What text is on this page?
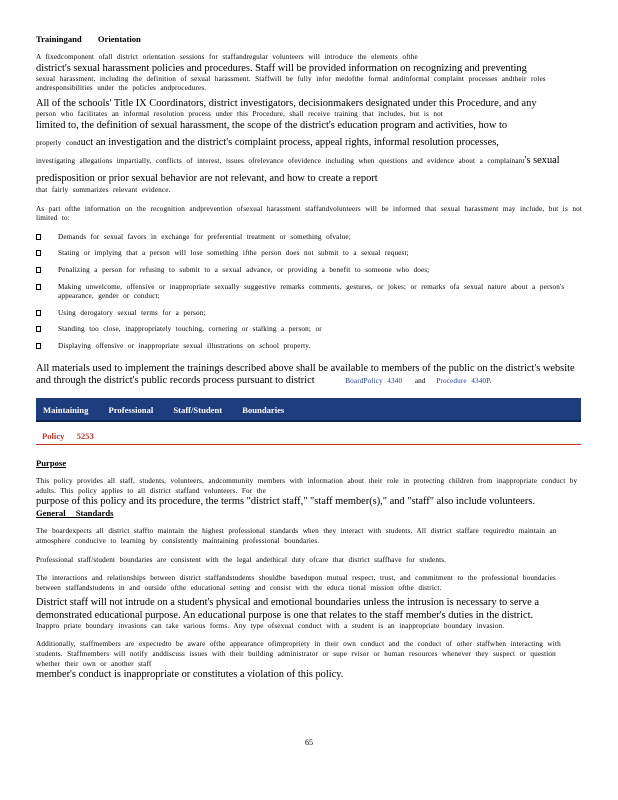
Trainingand Orientation
A fixedcomponent ofall district orientation sessions for staffandregular volunteers will introduce the elements ofthe
district's sexual harassment policies and procedures. Staff will be provided information on recognizing and preventing
sexual harassment, including the definition of sexual harassment. Staffwill be fully infor medofthe formal andinformal complaint processes andtheir roles andresponsibilities under the policies andprocedures.
All of the schools' Title IX Coordinators, district investigators, decisionmakers designated under this Procedure, and any
person who facilitates an informal resolution process under this Procedure, shall receive training that includes, but is not
limited to, the definition of sexual harassment, the scope of the district's education program and activities, how to
properly conduct an investigation and the district's complaint process, appeal rights, informal resolution processes,
investigating allegations impartially, conflicts of interest, issues ofrelevance ofevidence including when questions and evidence about a complainant's sexual predisposition or prior sexual behavior are not relevant, and how to create a report
that fairly summarizes relevant evidence.
As part ofthe information on the recognition andprevention ofsexual harassment staffandvolunteers will be informed that sexual harassment may include, but is not limited to:
Demands for sexual favors in exchange for preferential treatment or something ofvalue;
Stating or implying that a person will lose something ifthe person does not submit to a sexual request;
Penalizing a person for refusing to submit to a sexual advance, or providing a benefit to someone who does;
Making unwelcome, offensive or inappropriate sexually suggestive remarks comments, gestures, or jokes; or remarks ofa sexual nature about a person's appearance, gender or conduct;
Using derogatory sexual terms for a person;
Standing too close, inappropriately touching, cornering or stalking a person; or
Displaying offensive or inappropriate sexual illustrations on school property.
All materials used to implement the trainings described above shall be available to members of the public on the district's website and through the district's public records process pursuant to district	BoardPolicy 4340 and Procedure 4340P.
Maintaining Professional Staff/Student Boundaries
Policy 5253
Purpose
This policy provides all staff, students, volunteers, andcommunity members with information about their role in protecting children from inappropriate conduct by adults. This policy applies to all district staffand volunteers. For the
purpose of this policy and its procedure, the terms "district staff," "staff member(s)," and "staff" also include volunteers.
General Standards
The boardexpects all district staffto maintain the highest professional standards when they interact with students. All district staffare requiredto maintain an atmosphere conducive to learning by consistently maintaining professional boundaries.
Professional staff/student boundaries are consistent with the legal andethical duty ofcare that district staffhave for students.
The interactions and relationships between district staffandstudents shouldbe basedupon mutual respect, trust, and commitment to the professional boundaries between staffandstudents in and outside ofthe educational setting and consist with the educa tional mission ofthe district.
District staff will not intrude on a student's physical and emotional boundaries unless the intrusion is necessary to serve a demonstrated educational purpose. An educational purpose is one that relates to the staff member's duties in the district.
Inappro priate boundary invasions can take various forms. Any type ofsexual conduct with a student is an inappropriate boundary invasion.
Additionally, staffmembers are expectedto be aware ofthe appearance ofimpropriety in their own conduct and the conduct of other staffwhen interacting with students. Staffmembers will notify anddiscuss issues with their building administrator or supe rvisor or human resources whenever they suspect or question whether their own or another staff
member's conduct is inappropriate or constitutes a violation of this policy.
65
